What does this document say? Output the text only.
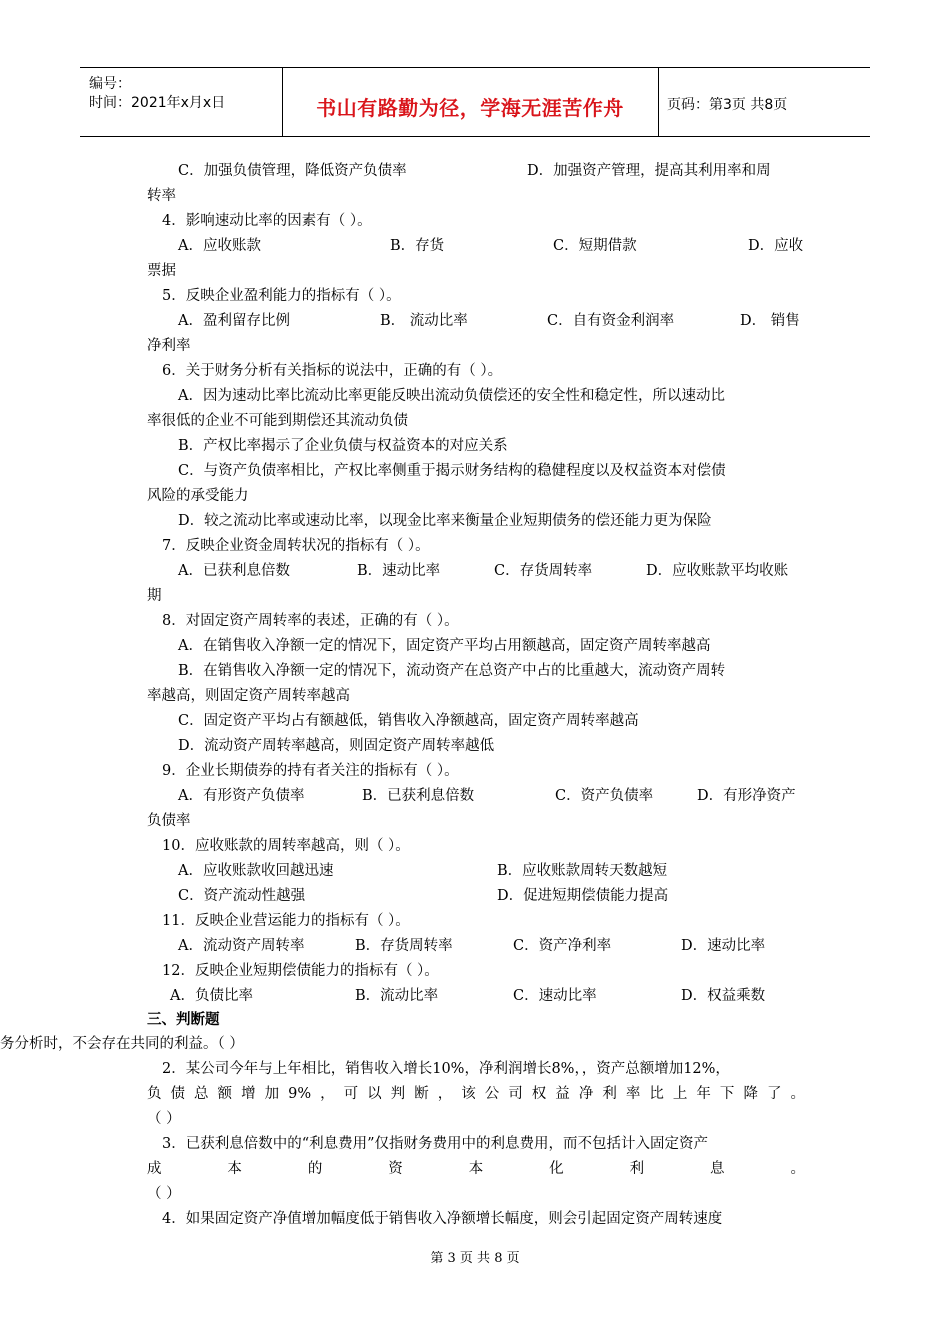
编号：
时间：2021年x月x日	书山有路勤为径，学海无涯苦作舟	页码：第3页 共8页
C．加强负债管理，降低资产负债率	D．加强资产管理，提高其利用率和周
转率
4．影响速动比率的因素有（ ）。
A．应收账款	B．存货	C．短期借款	D．应收
票据
5．反映企业盈利能力的指标有（ ）。
A．盈利留存比例	B． 流动比率	C．自有资金利润率	D． 销售
净利率
6．关于财务分析有关指标的说法中，正确的有（ ）。
A．因为速动比率比流动比率更能反映出流动负债偿还的安全性和稳定性，所以速动比
率很低的企业不可能到期偿还其流动负债
B．产权比率揭示了企业负债与权益资本的对应关系
C．与资产负债率相比，产权比率侧重于揭示财务结构的稳健程度以及权益资本对偿债
风险的承受能力
D．较之流动比率或速动比率，以现金比率来衡量企业短期债务的偿还能力更为保险
7．反映企业资金周转状况的指标有（ ）。
A．已获利息倍数	B．速动比率	C．存货周转率	D．应收账款平均收账
期
8．对固定资产周转率的表述，正确的有（ ）。
A．在销售收入净额一定的情况下，固定资产平均占用额越高，固定资产周转率越高
B．在销售收入净额一定的情况下，流动资产在总资产中占的比重越大，流动资产周转
率越高，则固定资产周转率越高
C．固定资产平均占有额越低，销售收入净额越高，固定资产周转率越高
D．流动资产周转率越高，则固定资产周转率越低
9．企业长期债券的持有者关注的指标有（ ）。
A．有形资产负债率	B．已获利息倍数	C．资产负债率	D．有形净资产
负债率
10．应收账款的周转率越高，则（ ）。
A．应收账款收回越迅速	B．应收账款周转天数越短
C．资产流动性越强	D．促进短期偿债能力提高
11．反映企业营运能力的指标有（ ）。
A．流动资产周转率	B．存货周转率	C．资产净利率	D．速动比率
12．反映企业短期偿债能力的指标有（ ）。
A．负债比率	B．流动比率	C．速动比率	D．权益乘数
三、判断题
务分析时，不会存在共同的利益。（ ）
2．某公司今年与上年相比，销售收入增长10%，净利润增长8%，，资产总额增加12%，
负债总额增加9%，可以判断，该公司权益净利率比上年下降了。
（ ）
3．已获利息倍数中的“利息费用”仅指财务费用中的利息费用，而不包括计入固定资产
成本的资本化利息。
（ ）
4．如果固定资产净值增加幅度低于销售收入净额增长幅度，则会引起固定资产周转速度
第 3 页 共 8 页
